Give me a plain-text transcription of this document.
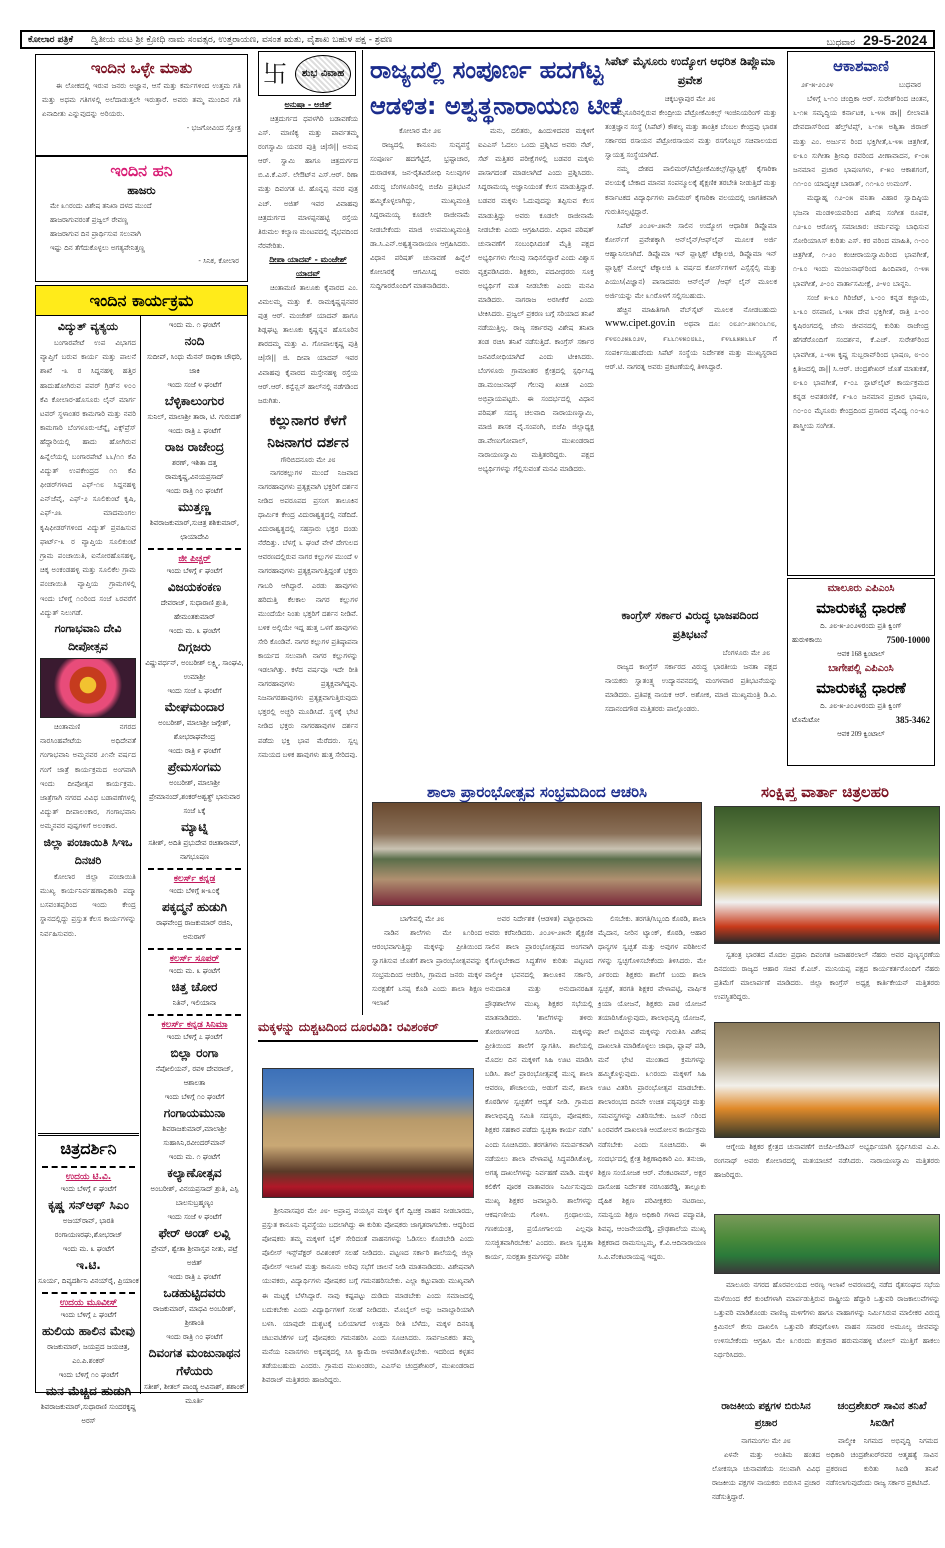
ಕೋಲಾರ ಪತ್ರಿಕೆ ದ್ವಿತೀಯ ಮಟ ಶ್ರೀ ಕ್ರೋಧಿ ನಾಮ ಸಂವತ್ಸರ, ಉತ್ತರಾಯಣ, ವಸಂತ ಋತು, ವೈಶಾಖ ಬಹುಳ ಪಕ್ಷ - ಶ್ರವಣ	ಬುಧವಾರ 29-5-2024
ಇಂದಿನ ಒಳ್ಳೇ ಮಾತು

ಈ ಲೋಕದಲ್ಲಿ ಇರುವ ಜನರು ಅಜ್ಞಾನ, ಆಸೆ ಮತ್ತು ಕರ್ಮಗಳಿಂದ ಉತ್ತಮ ಗತಿ ಮತ್ತು ಅಧಮ ಗತಿಗಳಲ್ಲಿ ಅಲೆದಾಡುತ್ತಲೇ ಇರುತ್ತಾರೆ. ಅವರು ತಮ್ಮ ಮುಂದಿನ ಗತಿ ಏನಾದೀತು ಎನ್ನುವುದನ್ನು ಅರಿಯರು.

- ಭಜಗೋವಿಂದ ಸ್ತೋತ್ರ
ಇಂದಿನ ಹನಿ
ಹಾಜರು
ಮೇ ೩೧ರಂದು ವಿಶೇಷ ತನಿಖಾ ದಳದ ಮುಂದೆ
ಹಾಜರಾಗುವರಂತೆ ಪ್ರಜ್ವಲ್ ರೇವಣ್ಣ
ಹಾಜರಾಗುವ ದಿನ ಪ್ರಾರ್ಥಿಸುವ ಸಲುವಾಗಿ
ಇಷ್ಟು ದಿನ ತೆಗೆದುಕೊಳ್ಳಲು ಅಗತ್ಯವೇನಿತ್ತಣ್ಣ
- ಸಿನಿಕ, ಕೋಲಾರ
ಇಂದಿನ ಕಾರ್ಯಕ್ರಮ
ವಿದ್ಯುತ್ ವ್ಯತ್ಯಯ

ಬಂಗಾರಪೇಟೆ ಉಪ ವಿಭಾಗದ ವ್ಯಾಪ್ತಿಗೆ ಬರುವ ಕಾರ್ಯ ಮತ್ತು ಪಾಲನೆ ಶಾಖೆ -೩ ರ ಸಿದ್ದನಹಳ್ಳಿ ಹತ್ತಿರ ಹಾದುಹೋಗಿರುವ ಪವರ್ ಗ್ರಿಡ್‌ನ ೪೦೦ ಕೆವಿ ಕೋಲಾರ-ಹೊಸೂರು ಲೈನ್ ಮಾರ್ಗ ಟವರ್ ಸ್ಥಳಾಂತರ ಕಾಮಗಾರಿ ಮತ್ತು ನವರಿ ಕಾಮಗಾರಿ ಬೆಂಗಳೂರು-ಚೆನ್ನೈ ಎಕ್ಸ್‌ಪ್ರೆಸ್ ಹೆದ್ದಾರಿಯಲ್ಲಿ ಹಾದು ಹೋಗಿರುವ ಹಿನ್ನೆಲೆಯಲ್ಲಿ ಬಂಗಾರಪೇಟೆ ೬೬/೧೧ ಕೆವಿ ವಿದ್ಯುತ್ ಉಪಕೇಂದ್ರದ ೧೧ ಕೆವಿ ಫೀಡರ್‌ಗಳಾದ ಎಫ್-೧೮ ಸಿದ್ದನಹಳ್ಳಿ ಎನ್‌ಜೆವೈ, ಎಫ್-೨ ಸೂಲಿಕುಂಟೆ ಕೃಷಿ, ಎಫ್-೨೩ ಮಾದಮಂಗಲ ಕೃಷಿಫೀಡರ್‌ಗಳಿಂದ ವಿದ್ಯುತ್ ಪ್ರವಹಿಸುವ ಫಾರ್ಟ್-೩ ರ ವ್ಯಾಪ್ತಿಯ ಸೂಲಿಕುಂಟೆ ಗ್ರಾಮ ಪಂಚಾಯಿತಿ, ಐನೋರಹೊಸಹಳ್ಳಿ, ಚಿಕ್ಕ ಅಂಕಂಡಹಳ್ಳಿ ಮತ್ತು ಸೂಲಿಕೆಲ ಗ್ರಾಮ ಪಂಚಾಯಿತಿ ವ್ಯಾಪ್ತಿಯ ಗ್ರಾಮಗಳಲ್ಲಿ ಇಂದು ಬೆಳಿಗ್ಗೆ ೧೦ರಿಂದ ಸಂಜೆ ೬ರವರೆಗೆ ವಿದ್ಯುತ್ ನಿಲುಗಡೆ.

ಗಂಗಾಭವಾನಿ ದೇವಿ ದೀಪೋತ್ಸವ

ಚಿಂತಾಮಣಿ ನಗರದ ನಾರಸಿಂಹಪೇಟೆಯ ಅಧಿದೇವತೆ ಗಂಗಾಭವಾನಿ ಅಮ್ಮನವರ ೨೧ನೇ ವರ್ಷದ ಗಂಗೆ ಜಾತ್ರೆ ಕಾರ್ಯಕ್ರಮದ ಅಂಗವಾಗಿ ಇಂದು ದೀಪೋತ್ಸವ ಕಾರ್ಯಕ್ರಮ. ಜಾತ್ರೆಗಾಗಿ ನಗರದ ವಿವಿಧ ಬಡಾವಣೆಗಳಲ್ಲಿ ವಿದ್ಯುತ್ ದೀಪಾಲಂಕಾರ, ಗಂಗಾಭವಾನಿ ಅಮ್ಮನವರ ಪುಷ್ಪಗಳಿಗೆ ಅಲಂಕಾರ.

ಜಿಲ್ಲಾ ಪಂಚಾಯಿತಿ ಸಿಇಒ ದಿನಚರಿ

ಕೋಲಾರ ಜಿಲ್ಲಾ ಪಂಚಾಯಿತಿ ಮುಖ್ಯ ಕಾರ್ಯನಿರ್ವಹಣಾಧಿಕಾರಿ ಪದ್ಮಾ ಬಸವಂತಪ್ಪರಿಂದ ಇಂದು ಕೇಂದ್ರ ಸ್ಥಾನದಲ್ಲಿದ್ದು ಪ್ರಸ್ತುತ ಕೆಲಸ ಕಾರ್ಯಗಳನ್ನು ನಿರ್ವಹಿಸುವರು.

ಇಂದು ಮ. ೧ ಘಂಟೆಗೆ
ನಂದಿ
ಸುದೀಪ್, ಸಿಂಧು ಮೆನನ್ ರಾಧಿಕಾ ಚೌಧರಿ, ಜಾಕಿ
ಇಂದು ಸಂಜೆ ೪ ಘಂಟೆಗೆ
ಬೆಳ್ಳಿಕಾಲುಂಗುರ
ಸುನಿಲ್, ಮಾಲಾಶ್ರೀ ತಾರಾ, ಟಿ. ಗುರುದತ್
ಇಂದು ರಾತ್ರಿ ೭ ಘಂಟೆಗೆ
ರಾಜ ರಾಜೇಂದ್ರ
ಶರಣ್, ಇಶಿತಾ ದತ್ತ ರಾಮಕೃಷ್ಣ,ವಿನಯಪ್ರಸಾದ್
ಇಂದು ರಾತ್ರಿ ೧೦ ಘಂಟೆಗೆ
ಮುತ್ತಣ್ಣ
ಶಿವರಾಜಕುಮಾರ್,ಸುಚಿತ್ರ ಶಶಿಕುಮಾರ್, ಛಾಯಾದೇವಿ
ಜೀ ಪಿಚ್ಚರ್
ಇಂದು ಬೆಳಿಗ್ಗೆ ೯ ಘಂಟೆಗೆ
ವಿಜಯಕಂಕಣ
ದೇವರಾಜ್, ಸುಧಾರಾಣಿ ಶ್ರುತಿ, ಹೇಮಂತಕುಮಾರ್
ಇಂದು ಮ. ೩ ಘಂಟೆಗೆ
ದಿಗ್ಗಜರು
ವಿಷ್ಣುವರ್ಧನ್, ಅಂಬರೀಶ್ ಲಕ್ಷ್ಮಿ, ಸಾಂಘವಿ, ಉಮಾಶ್ರೀ
ಇಂದು ಸಂಜೆ ೬ ಘಂಟೆಗೆ
ಮೇಘಮಂದಾರ
ಅಂಬರೀಶ್, ಮಾಲಾಶ್ರೀ ಜಗ್ಗೇಶ್, ಶೋಭರಾಘವೇಂದ್ರ
ಇಂದು ರಾತ್ರಿ ೯ ಘಂಟೆಗೆ
ಪ್ರೇಮಸಂಗಮ
ಅಂಬರೀಶ್, ಮಾಲಾಶ್ರೀ ಪ್ರೇಮಾನಂದ್,ಶಂಕರ್‌ಅಶ್ವತ್ಥ್ ಭಾನುವಾರ ಸಂಜೆ ೬ಕ್ಕೆ
ಮ್ಯಾಟ್ನಿ
ಸತೀಶ್, ಅದಿತಿ ಪ್ರಭುದೇವ ರಚಿತಾರಾಮ್, ನಾಗಭೂಷಣ
ಕಲರ್ಸ್ ಕನ್ನಡ
ಇಂದು ಬೆಳಿಗ್ಗೆ ೫-೩೦ಕ್ಕೆ
ಪಕ್ಕದ್ಮನೆ ಹುಡುಗಿ
ರಾಘವೇಂದ್ರ ರಾಜಕುಮಾರ್ ರಜಿನಿ, ಅನುರಾಗ್
ಕಲರ್ಸ್ ಸೂಪರ್
ಇಂದು ಮ. ೩ ಘಂಟೆಗೆ
ಚಿತ್ತ ಚೋರ
ನಿತಿನ್, ಇಲಿಯಾನಾ
ಕಲರ್ಸ್ ಕನ್ನಡ ಸಿನಿಮಾ
ಇಂದು ಬೆಳಿಗ್ಗೆ ೭ ಘಂಟೆಗೆ
ಬಿಲ್ಲಾ ರಂಗಾ
ನೆಪೋಲಿಯನ್, ರವಳಿ ದೇವರಾಜ್, ಆಶಾಲತಾ
ಇಂದು ಬೆಳಿಗ್ಗೆ ೧೦ ಘಂಟೆಗೆ
ಗಂಗಾಯಮುನಾ
ಶಿವರಾಜಕುಮಾರ್,ಮಾಲಾಶ್ರೀ ಸುಹಾಸಿನಿ,ರವೀಂದರ್‌ಮಾನ್
ಇಂದು ಮ. ೧ ಘಂಟೆಗೆ
ಕಲ್ಯಾಣೋತ್ಸವ
ಅಂಬರೀಶ್, ವಿನಯಪ್ರಸಾದ್ ಶ್ರುತಿ, ಎಸ್ಪಿ ಬಾಲಸುಬ್ರಹ್ಮಣ್ಯಂ
ಇಂದು ಸಂಜೆ ೪ ಘಂಟೆಗೆ
ಫೇರ್ ಅಂಡ್ ಲವ್ಲಿ
ಪ್ರೇಮ್, ಶ್ವೇತಾ ಶ್ರೀವಾಸ್ತವ ನೀತು, ಪಟ್ರೆ ಅಜಿತ್
ಇಂದು ರಾತ್ರಿ ೭ ಘಂಟೆಗೆ
ಒಡಹುಟ್ಟಿದವರು
ರಾಜಕುಮಾರ್, ಮಾಧವಿ ಅಂಬರೀಶ್, ಶ್ರೀಶಾಂತಿ
ಇಂದು ರಾತ್ರಿ ೧೦ ಘಂಟೆಗೆ
ದಿವಂಗತ ಮಂಜುನಾಥನ ಗೆಳೆಯರು
ಸತೀಶ್, ಶೀತಲ್ ಪಾಂಡ್ಯ ಅವಿನಾಶ್, ಶಶಾಂಕ್ ಮೂರ್ತಿ
ಚಿತ್ರದರ್ಶಿನಿ
ಉದಯ ಟಿ.ವಿ.
ಇಂದು ಬೆಳಿಗ್ಗೆ ೯ ಘಂಟೆಗೆ
ಕೃಷ್ಣ ಸನ್‌ಆಫ್ ಸಿಎಂ
ಅಜಯ್‌ರಾವ್, ಭಾರತಿ ರಂಗಾಯಣರಘು,ಶೋಭರಾಜ್
ಇಂದು ಮ. ೩ ಘಂಟೆಗೆ
ಇ.ಟಿ.
ಸೂರ್ಯ, ದಿವ್ಯದರ್ಶಿನಿ ವಿನಯ್‌ರೈ, ಪ್ರಿಯಾಂಕ
ಉದಯ ಮೂವೀಸ್
ಇಂದು ಬೆಳಿಗ್ಗೆ ೭ ಘಂಟೆಗೆ
ಹುಲಿಯ ಹಾಲಿನ ಮೇವು
ರಾಜಕುಮಾರ್, ಜಯಪ್ರದ ಜಯಚಿತ್ರ, ಎಂ.ಪಿ.ಶಂಕರ್
ಇಂದು ಬೆಳಿಗ್ಗೆ ೧೦ ಘಂಟೆಗೆ
ಮನ ಮೆಚ್ಚಿದ ಹುಡುಗಿ
ಶಿವರಾಜಕುಮಾರ್,ಸುಧಾರಾಣಿ ಸುಂದರಕೃಷ್ಣ ಅರಸ್
卐	ಶುಭ ವಿವಾಹ
ಅನುಷಾ - ಅಜಿತ್

ಚಿತ್ರದುರ್ಗದ ಧವಳಗಿರಿ ಬಡಾವಣೆಯ ಎಸ್. ಮಾಣಿಕ್ಯ ಮತ್ತು ಪಾರ್ವತಮ್ಮ ರಂಗಸ್ವಾಮಿ ಯವರ ಪುತ್ರಿ ಚಿ|ಸೌ|| ಅನುಷ ಆರ್. ಸ್ವಾಮಿ ಹಾಗೂ ಚಿತ್ರದುರ್ಗದ ಬಿ.ವಿ.ಕೆ.ಎಸ್. ಲೇಔಟ್‌ನ ಎಸ್.ಆರ್. ರಿಣಾ ಮತ್ತು ದಿವಂಗತ ಟಿ. ಹೊನ್ನಪ್ಪ ನವರ ಪುತ್ರ ಎಚ್. ಅಜಿತ್ ಇವರ ವಿವಾಹವು ಚಿತ್ರದುರ್ಗದ ಮಾಳಪ್ಪನಹಟ್ಟಿ ರಸ್ತೆಯ ತಿರುಮಲ ಕಲ್ಯಾಣ ಮಂಟಪದಲ್ಲಿ ವೈಭವದಿಂದ ನೆರವೇರಿತು.

ದೀಪಾ ಯಾದವ್ - ಮಂಜೇಶ್ ಯಾದವ್

ಚಿಂತಾಮಣಿ ತಾಲೂಕು ಕೈವಾರದ ಎಂ. ವಿಮಲಮ್ಮ ಮತ್ತು ಕೆ. ರಾಮಕೃಷ್ಣಪ್ಪನವರ ಪುತ್ರ ಆರ್. ಮಂಜೇಶ್ ಯಾದವ್ ಹಾಗೂ ಶಿಡ್ಲಘಟ್ಟ ತಾಲೂಕು ಕೃಷ್ಣನ್ನನ ಹೊಸೂರಿನ ಶಾರದಮ್ಮ ಮತ್ತು ವಿ. ಗೋಪಾಲಕೃಷ್ಣ ಪುತ್ರಿ ಚಿ|ಸೌ|| ಜಿ. ದೀಪಾ ಯಾದವ್ ಇವರ ವಿವಾಹವು ಕೈವಾರದ ಮಸ್ತೇನಹಳ್ಳಿ ರಸ್ತೆಯ ಆರ್.ಆರ್. ಕನ್ವೆನ್ಷನ್ ಹಾಲ್‌ನಲ್ಲಿ ನಡೆಗಡಿಂದ ಜರುಗಿತು.

ಕಲ್ಲುನಾಗರ ಕೆಳಗೆ ನಿಜನಾಗರ ದರ್ಶನ
ಗೌರಿಬಿದನೂರು ಮೇ ೨೮

ನಾಗರಕಲ್ಲುಗಳ ಮುಂದೆ ನಿಜವಾದ ನಾಗರಹಾವುಗಳು ಪ್ರತ್ಯಕ್ಷವಾಗಿ ಭಕ್ತರಿಗೆ ದರ್ಶನ ನೀಡಿದ ಅಪರೂಪದ ಪ್ರಸಂಗ ತಾಲೂಕಿನ ಧಾರ್ಮಿಕ ಕೇಂದ್ರ ವಿದುರಾಶ್ವತ್ಥದಲ್ಲಿ ನಡೆದಿದೆ. ವಿದುರಾಶ್ವತ್ಥದಲ್ಲಿ ಸಹಸ್ರಾರು ಭಕ್ತರ ದಂಡು ನೆರೆದಿತ್ತು. ಬೆಳಗ್ಗೆ ೬ ಘಂಟೆ ವೇಳೆ ದೇಗುಲದ ಆವರಣದಲ್ಲಿರುವ ನಾಗರ ಕಲ್ಲುಗಳ ಮುಂದೆ ೪ ನಾಗರಹಾವುಗಳು ಪ್ರತ್ಯಕ್ಷವಾಗುತ್ತಿದ್ದಂತೆ ಭಕ್ತರು ಗಾಬರಿ ಆಗಿದ್ದಾರೆ. ಎರಡು ಹಾವುಗಳು ಹರಿದುತ್ತಿ ಕೆಲಕಾಲ ನಾಗರ ಕಲ್ಲುಗಳ ಮುಂದೆಯೇ ನಿಂತು ಭಕ್ತರಿಗೆ ದರ್ಶನ ನೀಡಿವೆ. ಬಳಿಕ ಅಲ್ಲಿಯೇ ಇದ್ದ ಹುತ್ತ ಒಳಗೆ ಹಾವುಗಳು ಸೇರಿ ಕೊಂಡಿವೆ. ನಾಗರ ಕಲ್ಲುಗಳ ಪ್ರತಿಷ್ಠಾಪನಾ ಕಾರ್ಯದ ಸಲುವಾಗಿ ನಾಗರ ಕಲ್ಲುಗಳನ್ನು ಇಡಲಾಗಿತ್ತು. ಕಳೆದ ವರ್ಷವೂ ಇದೇ ರೀತಿ ನಾಗರಹಾವುಗಳು ಪ್ರತ್ಯಕ್ಷವಾಗಿದ್ದವು. ನಿಜನಾಗರಹಾವುಗಳು ಪ್ರತ್ಯಕ್ಷವಾಗುತ್ತಿರುವುದು ಭಕ್ತರಲ್ಲಿ ಅಚ್ಚರಿ ಮೂಡಿಸಿದೆ. ಸ್ಥಳಕ್ಕೆ ಭೇಟಿ ನೀಡಿದ ಭಕ್ತರು ನಾಗರಹಾವುಗಳ ದರ್ಶನ ಪಡೆದು ಭಕ್ತಿ ಭಾವ ಮೆರೆದರು. ಸ್ವಲ್ಪ ಸಮಯದ ಬಳಿಕ ಹಾವುಗಳು ಹುತ್ತ ಸೇರಿದವು.

ರಾಜ್ಯದಲ್ಲಿ ಸಂಪೂರ್ಣ ಹದಗೆಟ್ಟ
ಆಡಳಿತ: ಅಶ್ವತ್ಥನಾರಾಯಣ ಟೀಕೆ
ಕೋಲಾರ ಮೇ ೨೮

ರಾಜ್ಯದಲ್ಲಿ ಕಾನೂನು ಸುವ್ಯವಸ್ಥೆ ಸಂಪೂರ್ಣ ಹದಗೆಟ್ಟಿದೆ, ಭ್ರಷ್ಟಾಚಾರ, ದುರಾಡಳಿತ, ಜನ-ರೈತವಿರೋಧಿ ನಿಲುವುಗಳ ವಿರುದ್ಧ ಬೆಂಗಳೂರಿನಲ್ಲಿ ಬಿಜೆಪಿ ಪ್ರತಿಭಟನೆ ಹಮ್ಮಿಕೊಳ್ಳಲಾಗಿದ್ದು, ಮುಖ್ಯಮಂತ್ರಿ ಸಿದ್ದರಾಮಯ್ಯ ಕೂಡಲೇ ರಾಜೀನಾಮೆ ನೀಡಬೇಕೆಂದು ಮಾಜಿ ಉಪಮುಖ್ಯಮಂತ್ರಿ ಡಾ.ಸಿ.ಎನ್.ಅಶ್ವತ್ಥನಾರಾಯಣ ಆಗ್ರಹಿಸಿದರು. ವಿಧಾನ ಪರಿಷತ್ ಚುನಾವಣೆ ಹಿನ್ನೆಲೆ ಕೋಲಾರಕ್ಕೆ ಆಗಮಿಸಿದ್ದ ಅವರು ಸುದ್ದಿಗಾರರೊಂದಿಗೆ ಮಾತನಾಡಿದರು.

ಮನು, ದಲಿತರು, ಹಿಂದುಳಿದವರ ಮಕ್ಕಳಿಗೆ ಐಎಎಸ್ ಓದಲು ಒಂದು ಪ್ರಶ್ನಿಸಿದ ಅವರು ನೆಟ್, ಸೆಟ್ ಮತ್ತಿತರ ಪರೀಕ್ಷೆಗಳಲ್ಲಿ ಬಡವರ ಮಕ್ಕಳು ಪಾಸಾಗದಂತೆ ಮಾಡಲಾಗಿದೆ ಎಂದು ಪ್ರಶ್ನಿಸಿದರು. ಸಿದ್ದರಾಮಯ್ಯ ಅಜ್ಞಾನಿಯಂತೆ ಕೆಲಸ ಮಾಡುತ್ತಿದ್ದಾರೆ. ಬಡವರ ಮಕ್ಕಳು ಓದುವುದನ್ನು ತಪ್ಪಿಸುವ ಕೆಲಸ ಮಾಡುತ್ತಿದ್ದು ಅವರು ಕೂಡಲೇ ರಾಜೀನಾಮೆ ನೀಡಬೇಕು ಎಂದು ಆಗ್ರಹಿಸಿದರು. ವಿಧಾನ ಪರಿಷತ್ ಚುನಾವಣೆಗೆ ಸಂಬಂಧಿಸಿದಂತೆ ಮೈತ್ರಿ ಪಕ್ಷದ ಅಭ್ಯರ್ಥಿಗಳು ಗೆಲುವು ಸಾಧಿಸಲಿದ್ದಾರೆ ಎಂದು ವಿಶ್ವಾಸ ವ್ಯಕ್ತಪಡಿಸಿದರು. ಶಿಕ್ಷಕರು, ಪದವೀಧರರು ಸೂಕ್ತ ಅಭ್ಯರ್ಥಿಗೆ ಮತ ನೀಡಬೇಕು ಎಂದು ಮನವಿ ಮಾಡಿದರು. ನಾಗರಾಜ ಅರಸೀಕೆರೆ ಎಂದು ಟೀಕಿಸಿದರು. ಪ್ರಜ್ವಲ್ ಪ್ರಕರಣ ಬಗ್ಗೆ ಸರಿಯಾದ ತನಿಖೆ ನಡೆಯುತ್ತಿಲ್ಲ. ರಾಜ್ಯ ಸರ್ಕಾರವು ವಿಶೇಷ ತನಿಖಾ ತಂಡ ರಚಿಸಿ ತನಿಖೆ ನಡೆಸುತ್ತಿದೆ. ಕಾಂಗ್ರೆಸ್ ಸರ್ಕಾರ ಜನವಿರೋಧಿಯಾಗಿದೆ ಎಂದು ಟೀಕಿಸಿದರು. ಬೆಂಗಳೂರು ಗ್ರಾಮಾಂತರ ಕ್ಷೇತ್ರದಲ್ಲಿ ಸ್ಪರ್ಧಿಸಿದ್ದ ಡಾ.ಮಂಜುನಾಥ್ ಗೆಲುವು ಖಚಿತ ಎಂದು ಅಭಿಪ್ರಾಯಪಟ್ಟರು. ಈ ಸಂದರ್ಭದಲ್ಲಿ ವಿಧಾನ ಪರಿಷತ್ ಸದಸ್ಯ ಚಲವಾದಿ ನಾರಾಯಣಸ್ವಾಮಿ, ಮಾಜಿ ಶಾಸಕ ವೈ.ಸಂಪಂಗಿ, ಬಿಜೆಪಿ ಜಿಲ್ಲಾಧ್ಯಕ್ಷ ಡಾ.ವೇಣುಗೋಪಾಲ್, ಮುಖಂಡರಾದ ನಾರಾಯಣಸ್ವಾಮಿ ಮತ್ತಿತರರಿದ್ದರು. ಪಕ್ಷದ ಅಭ್ಯರ್ಥಿಗಳನ್ನು ಗೆಲ್ಲಿಸುವಂತೆ ಮನವಿ ಮಾಡಿದರು.

ಸಿಪೆಟ್ ಮೈಸೂರು ಉದ್ಯೋಗ ಆಧರಿತ ಡಿಪ್ಲೊಮಾ ಪ್ರವೇಶ
ಚಿಕ್ಕಬಳ್ಳಾಪುರ ಮೇ ೨೮

ಮೈಸೂರಿನಲ್ಲಿರುವ ಕೇಂದ್ರೀಯ ಪೆಟ್ರೋಕೆಮಿಕಲ್ಸ್ ಇಂಜಿನಿಯರಿಂಗ್ ಮತ್ತು ತಂತ್ರಜ್ಞಾನ ಸಂಸ್ಥೆ (ಸಿಪೆಟ್) ಕೌಶಲ್ಯ ಮತ್ತು ತಾಂತ್ರಿಕ ಬೆಂಬಲ ಕೇಂದ್ರವು ಭಾರತ ಸರ್ಕಾರದ ರಸಾಯನ ಪೆಟ್ರೋರಸಾಯನ ಮತ್ತು ರಸಗೊಬ್ಬರ ಸಚಿವಾಲಯದ ಸ್ವಾಯತ್ತ ಸಂಸ್ಥೆಯಾಗಿದೆ.

ನಮ್ಮ ದೇಶದ ಪಾಲಿಮರ್/ಪೆಟ್ರೋಕೆಮಿಕಲ್ಸ್/ಪ್ಲಾಸ್ಟಿಕ್ಸ್ ಕೈಗಾರಿಕಾ ವಲಯಕ್ಕೆ ಬೇಕಾದ ಮಾನವ ಸಂಪನ್ಮೂಲಕ್ಕೆ ಶೈಕ್ಷಣಿಕ ತರಬೇತಿ ನೀಡುತ್ತಿದೆ ಮತ್ತು ಕರ್ನಾಟಕದ ವಿದ್ಯಾರ್ಥಿಗಳು ಪಾಲಿಮರ್ ಕೈಗಾರಿಕಾ ವಲಯದಲ್ಲಿ ಜಾಗತಿಕವಾಗಿ ಗುರುತಿಸಲ್ಪಟ್ಟಿದ್ದಾರೆ.

ಸಿಪೆಟ್ ೨೦೨೪-೨೫ನೇ ಸಾಲಿನ ಉದ್ಯೋಗ ಆಧಾರಿತ ಡಿಪ್ಲೊಮಾ ಕೋರ್ಸ್‌ಗೆ ಪ್ರವೇಶಕ್ಕಾಗಿ ಆನ್‌ಲೈನ್/ಆಫ್‌ಲೈನ್ ಮೂಲಕ ಅರ್ಜಿ ಆಹ್ವಾನಿಸಲಾಗಿದೆ. ಡಿಪ್ಲೊಮಾ ಇನ್ ಪ್ಲಾಸ್ಟಿಕ್ಸ್ ಟೆಕ್ನಾಲಜಿ, ಡಿಪ್ಲೊಮಾ ಇನ್ ಪ್ಲಾಸ್ಟಿಕ್ಸ್ ಮೋಲ್ಡ್ ಟೆಕ್ನಾಲಜಿ ೩ ವರ್ಷದ ಕೋರ್ಸ್‌ಗಳಿಗೆ ಎಸ್ಸೆಸ್ಸೆಲ್ಸಿ ಮತ್ತು ಪಿಯುಸಿ(ವಿಜ್ಞಾನ) ಪಾಸಾದವರು ಆನ್‌ಲೈನ್ /ಆಫ್ ಲೈನ್ ಮೂಲಕ ಅರ್ಜಿಯನ್ನು ಮೇ ೩೧ರೊಳಗೆ ಸಲ್ಲಿಸಬಹುದು.

ಹೆಚ್ಚಿನ ಮಾಹಿತಿಗಾಗಿ ವೆಬ್‌ಸೈಟ್ ಮೂಲಕ ನೋಡಬಹುದು www.cipet.gov.in ಅಥವಾ ದೂ: ೦೮೨೧-೨೫೧೦೬೧೮, ೯೪೮೦೨೫೩೦೨೪, ೯೬೬೧೪೫೦೮೩೭, ೯೪೬೩೫೫೬೬೯ ಗೆ ಸಂಪರ್ಕಿಸಬಹುದೆಂದು ಸಿಪೆಟ್ ಸಂಸ್ಥೆಯ ನಿರ್ದೇಶಕ ಮತ್ತು ಮುಖ್ಯಸ್ಥರಾದ ಆರ್.ಟಿ. ನಾಗರತ್ನ ಅವರು ಪ್ರಕಟಣೆಯಲ್ಲಿ ತಿಳಿಸಿದ್ದಾರೆ.

ಕಾಂಗ್ರೆಸ್ ಸರ್ಕಾರ ವಿರುದ್ಧ ಭಾಜಪದಿಂದ ಪ್ರತಿಭಟನೆ
ಬೆಂಗಳೂರು ಮೇ ೨೮

ರಾಜ್ಯದ ಕಾಂಗ್ರೆಸ್ ಸರ್ಕಾರದ ವಿರುದ್ಧ ಭಾರತೀಯ ಜನತಾ ಪಕ್ಷದ ನಾಯಕರು ಸ್ವಾತಂತ್ರ್ಯ ಉದ್ಯಾನವನದಲ್ಲಿ ಮಂಗಳವಾರ ಪ್ರತಿಭಟನೆಯನ್ನು ಮಾಡಿದರು. ಪ್ರತಿಪಕ್ಷ ನಾಯಕ ಆರ್. ಅಶೋಕ, ಮಾಜಿ ಮುಖ್ಯಮಂತ್ರಿ ಡಿ.ವಿ. ಸದಾನಂದಗೌಡ ಮತ್ತಿತರರು ಪಾಲ್ಗೊಂಡರು.

ಆಕಾಶವಾಣಿ
೨೯-೫-೨೦೨೪	ಬುಧವಾರ

ಬೆಳಿಗ್ಗೆ ೬-೧೦ ಚಂದ್ರಿಕಾ ಆರ್. ಸುರೇಶ್‌ರಿಂದ ಚಿಂತನ, ೬-೧೫ ಸಮೃದ್ಧಿಯ ಕರ್ನಾಟಕ, ೬-೪೫ ಡಾ|| ಲೀಲಾವತಿ ದೇವದಾಸ್‌ರಿಂದ ಹೆಲ್ತ್‌ಟಿಪ್ಸ್, ೬-೧೫ ಅಶ್ವಿತಾ ಜಿರಾಜ್ ಮತ್ತು ಎಂ. ಅರ್ಜುನ ರಿಂದ ಭಕ್ತಿಗೀತೆ,೬-೪೫ ಚಿತ್ರಗೀತೆ, ೮-೩೦ ಸುಗೀತಾ ಶ್ರೀನಿಧಿ ರವರಿಂದ ವೀಣಾವಾದನ, ೯-೦೫ ಜನಮಾನ ಪ್ರಚಾರ ಭಾಷಣಗಳು, ೯-೫೦ ಆಕಾಶಗಂಗೆ, ೧೧-೦೦ ಯಾದೃಚ್ಛಿಕ ಬಾರಾತ್, ೧೧-೩೦ ಉಮಂಗ್.

ಮಧ್ಯಾಹ್ನ ೧೨-೦೫ ವನಿತಾ ವಿಹಾರ ಸ್ವಾದಿಷ್ಠಿಯ ಭಜನಾ ಮಂಡಳಿಯವರಿಂದ ವಿಶೇಷ ಸಂಗೀತ ರೂಪಕ, ೧೨-೩೦ ಆರೋಗ್ಯ ಸಮಾಚಾರ: ಚರ್ಮವನ್ನು ಬಾಧಿಸುವ ಸೋರಿಯಾಸಿಸ್ ಕುರಿತು ಎಸ್. ಕರ ವರಿಂದ ಮಾಹಿತಿ, ೧-೦೦ ಚಿತ್ರಗೀತೆ, ೧-೨೦ ಕಂಚೀರಾಯಸ್ವಾಮಿರಿಂದ ಭಾವಗೀತೆ, ೧-೩೦ ಇಂದು ಮಂಜುನಾಥ್‌ರಿಂದ ಹಿಂದಿಪಾಠ, ೧-೪೫ ಭಾವಗೀತೆ, ೨-೦೦ ವಾರ್ತಾಸಮೀಕ್ಷೆ, ೨-೪೦ ಬಾನ್ದನಿ.

ಸಂಜೆ ೫-೩೦ ಗಿರಿಜೆಟ್, ೬-೦೦ ಕನ್ನಡ ಕಜ್ಜಾಯ, ೬-೩೦ ರಸವಾಣಿ, ೬-೫೫ ದೇವ ಭಕ್ತಿಗೀತೆ, ರಾತ್ರಿ ೭-೦೦ ಕೃಷಿರಂಗದಲ್ಲಿ ಜೇನು ಜೀವನದಲ್ಲಿ ಕುರಿತು ರಾಜೇಂದ್ರ ಹೆಗಡೆರೊಂದಿಗೆ ಸಂದರ್ಶನ, ಕೆ.ಎಚ್. ಸುರೇಶ್‌ರಿಂದ ಭಾವಗೀತ, ೭-೪೫ ಕೃಷ್ಣ ಸುಬ್ಬರಾವ್‌ರಿಂದ ಭಾಷಣ, ೮-೦೦ ಕ್ಷಿತಿಜದಲ್ಲಿ ಡಾ|| ಸಿ.ಆರ್. ಚಂದ್ರಶೇಖರ್ ಜೊತೆ ಮಾತುಕತೆ, ೮-೩೦ ಭಾವಗೀತೆ, ೯-೦೭ ಸ್ಪಾಟ್‌ಲೈಟ್ ಕಾರ್ಯಕ್ರಮದ ಕನ್ನಡ ಅವತರಣಿಕೆ, ೯-೩೦ ಜನಮಾನ ಪ್ರಚಾರ ಭಾಷಣ, ೧೦-೦೦ ಮೈಸೂರು ಕೇಂದ್ರದಿಂದ ಪ್ರಸಾರದ ವೈವಿಧ್ಯ ೧೦-೩೦ ಶಾಸ್ತ್ರೀಯ ಸಂಗೀತ.

ಮಾಲೂರು ಎಪಿಎಂಸಿ
ಮಾರುಕಟ್ಟೆ ಧಾರಣೆ
ದಿ. ೨೮-೫-೨೦೨೪ರಂದು ಪ್ರತಿ ಕ್ವಿಂಗ್
ಹುರುಳಿಕಾಯಿ	7500-10000
ಆವಕ 168 ಕ್ವಿಂಟಾಲ್
ಬಾಗೇಪಲ್ಲಿ ಎಪಿಎಂಸಿ
ಮಾರುಕಟ್ಟೆ ಧಾರಣೆ
ದಿ. ೨೮-೫-೨೦೨೪ರಂದು ಪ್ರತಿ ಕ್ವಿಂಗ್
ಟೊಮೆಟೋ	385-3462
ಆವಕ 209 ಕ್ವಿಂಟಾಲ್
ಶಾಲಾ ಪ್ರಾರಂಭೋತ್ಸವ ಸಂಭ್ರಮದಿಂದ ಆಚರಿಸಿ
ಬಾಗೇಪಲ್ಲಿ ಮೇ ೨೮

ನಾಡಿನ ಶಾಲೆಗಳು ಮೇ ೩೧ರಿಂದ ಆರಂಭವಾಗುತ್ತಿದ್ದು ಮಕ್ಕಳನ್ನು ಪ್ರೀತಿಯಿಂದ ಸ್ವಾಗತಿಸುವ ಜೊತೆಗೆ ಶಾಲಾ ಪ್ರಾರಂಭೋತ್ಸವವನ್ನು ಸಂಭ್ರಮದಿಂದ ಆಚರಿಸಿ, ಗ್ರಾಮದ ಜನರು ಮಕ್ಕಳ ಸುರಕ್ಷತೆಗೆ ೬ನಪ್ಪ ಕೊಡಿ ಎಂದು ಶಾಲಾ ಶಿಕ್ಷಣ ಇಲಾಖೆ

ಅವರ ನಿರ್ದೇಶಕ (ಆಡಳಿತ) ಪಟ್ಟಾಭಿರಾಮ ಅವರು ಕರೆನೀಡಿದರು. ೨೦೨೪-೨೫ನೇ ಶೈಕ್ಷಣಿಕ ಸಾಲಿನ ಶಾಲಾ ಪ್ರಾರಂಭೋತ್ಸವದ ಅಂಗವಾಗಿ ಕೈಗೊಳ್ಳಬೇಕಾದ ಸಿದ್ಧತೆಗಳ ಕುರಿತು ಪಟ್ಟಣದ ವಾಲ್ಮೀಕಿ ಭವನದಲ್ಲಿ ತಾಲೂಕಿನ ಸರ್ಕಾರಿ, ಅನುದಾನಿತ ಮತ್ತು ಅನುದಾನರಹಿತ ಪ್ರೌಢಶಾಲೆಗಳ ಮುಖ್ಯ ಶಿಕ್ಷಕರ ಸಭೆಯಲ್ಲಿ ಮಾತನಾಡಿದರು. 'ಶಾಲೆಗಳನ್ನು ತಳಿರು ತೋರಣಗಳಿಂದ ಸಿಂಗರಿಸಿ. ಮಕ್ಕಳನ್ನು ಪ್ರೀತಿಯಿಂದ ಶಾಲೆಗೆ ಸ್ವಾಗತಿಸಿ. ಶಾಲೆಯಲ್ಲಿ ಮೊದಲ ದಿನ ಮಕ್ಕಳಿಗೆ ಸಿಹಿ ಊಟ ಮಾಡಿಸಿ ಬಡಿಸಿ. ಶಾಲೆ ಪ್ರಾರಂಭೋತ್ಸವಕ್ಕೆ ಮುನ್ನ ಶಾಲಾ ಆವರಣ, ಶೌಚಾಲಯ, ಅಡುಗೆ ಮನೆ, ಶಾಲಾ ಕೊಠಡಿಗಳ ಸ್ವಚ್ಛತೆಗೆ ಆದ್ಯತೆ ನೀಡಿ. ಗ್ರಾಮದ ಶಾಲಾಭಿವೃದ್ಧಿ ಸಮಿತಿ ಸದಸ್ಯರು, ಪೋಷಕರು, ಶಿಕ್ಷಕರ ಸಹಕಾರ ಪಡೆದು ಸ್ವಚ್ಛತಾ ಕಾರ್ಯ ನಡೆಸಿ' ಎಂದು ಸೂಚಿಸಿದರು. ತರಗತಿಗಳು ಸಮರ್ಪಕವಾಗಿ ನಡೆಯಲು ಶಾಲಾ ವೇಳಾಪಟ್ಟಿ ಸಿದ್ಧಪಡಿಸಿಕೊಳ್ಳಿ, ಅಗತ್ಯ ದಾಖಲೆಗಳನ್ನು ನಿರ್ವಹಣೆ ಮಾಡಿ. ಮಕ್ಕಳ ಕಲಿಕೆಗೆ ಪೂರಕ ವಾತಾವರಣ ನಿರ್ಮಿಸುವುದು ಮುಖ್ಯ ಶಿಕ್ಷಕರ ಜವಾಬ್ದಾರಿ. ಶಾಲೆಗಳನ್ನು ಆಕರ್ಷಣೀಯ ಗೊಳಿಸಿ. ಗ್ರಂಥಾಲಯ, ಗಣಕಯಂತ್ರ, ಪ್ರಯೋಗಾಲಯ ಎಲ್ಲವೂ ಸುಸಜ್ಜಿತವಾಗಿರಬೇಕು' ಎಂದರು. ಶಾಲಾ ಸ್ವಚ್ಛತಾ ಕಾರ್ಯ, ಸುರಕ್ಷತಾ ಕ್ರಮಗಳನ್ನು ಪರಿಶೀ

ಲಿಸಬೇಕು. ತರಗತಿ/ಸಿಬ್ಬಂದಿ ಕೊಠಡಿ, ಶಾಲಾ ಮೈದಾನ, ನೀರಿನ ಟ್ಯಾಂಕ್, ಕೊಠಡಿ, ಆಹಾರ ಧಾನ್ಯಗಳ ಸ್ವಚ್ಛತೆ ಮತ್ತು ಅವುಗಳ ಪರಿಶೀಲನೆ ಗಳನ್ನು ಸ್ವಚ್ಛಗೊಳಿಸಬೇಕೆಂದು ತಿಳಿಸಿದರು. ಮೇ ೨೯ರಂದು ಶಿಕ್ಷಕರು ಶಾಲೆಗೆ ಬಂದು ಶಾಲಾ ಸ್ವಚ್ಛತೆ, ತರಗತಿ ಶಿಕ್ಷಕರ ವೇಳಾಪಟ್ಟಿ, ವಾರ್ಷಿಕ ಕ್ರಿಯಾ ಯೋಜನೆ, ಶಿಕ್ಷಕರು ಪಾಠ ಯೋಜನೆ ತಯಾರಿಸಿಕೊಳ್ಳುವುದು, ಶಾಲಾಭಿವೃದ್ಧಿ ಯೋಜನೆ, ಶಾಲೆ ಬಿಟ್ಟಿರುವ ಮಕ್ಕಳನ್ನು ಗುರುತಿಸಿ ವಿಶೇಷ ದಾಖಲಾತಿ ಮಾಡಿಕೊಳ್ಳಲು ಜಾಥಾ, ಫ್ಲಾಷ್ ಪಡಿ, ಮನೆ ಭೇಟಿ ಮುಂತಾದ ಕ್ರಮಗಳನ್ನು ಹಮ್ಮಿಕೊಳ್ಳುವುದು. ೩೧ರಂದು ಮಕ್ಕಳಿಗೆ ಸಿಹಿ ಊಟ ವಿತರಿಸಿ ಪ್ರಾರಂಭೋತ್ಸವ ಮಾಡಬೇಕು. ಶಾಲಾರಂಭದ ದಿನವೇ ಉಚಿತ ಪಠ್ಯಪುಸ್ತಕ ಮತ್ತು ಸಮವಸ್ತ್ರಗಳನ್ನು ವಿತರಿಸಬೇಕು. ಜೂನ್ ೧ರಿಂದ ೩೦ರವರೆಗೆ ದಾಖಲಾತಿ ಆಂದೋಲನ ಕಾರ್ಯಕ್ರಮ ನಡೆಸಬೇಕು ಎಂದು ಸೂಚಿಸಿದರು. ಈ ಸಂದರ್ಭದಲ್ಲಿ ಕ್ಷೇತ್ರ ಶಿಕ್ಷಣಾಧಿಕಾರಿ ಎಂ. ತನುಜಾ, ಶಿಕ್ಷಣ ಸಂಯೋಜಕ ಆರ್. ವೆಂಕಟರಾಮ್, ಅಕ್ಷರ ದಾಸೋಹ ನಿರ್ದೇಶಕ ನರಸಿಂಹರೆಡ್ಡಿ, ತಾಲ್ಲೂಕು ದೈಹಿಕ ಶಿಕ್ಷಣ ಪರಿವೀಕ್ಷಕರು ನಟರಾಜು, ಸಮನ್ವಯ ಶಿಕ್ಷಣ ಅಧಿಕಾರಿ ಗಳಾದ ಪದ್ಮಾವತಿ, ಶಿವಪ್ಪ, ಆಂಜನೇಯರೆಡ್ಡಿ, ಪ್ರೌಢಶಾಲೆಯ ಮುಖ್ಯ ಶಿಕ್ಷಕರಾದ ರಾಮಸುಬ್ಬಮ್ಮ, ಕೆ.ವಿ.ಆದಿನಾರಾಯಣ ಸಿ.ವಿ.ವೆಂಕಟರಾಯಪ್ಪ ಇದ್ದರು.

ಮಕ್ಕಳನ್ನು ದುಶ್ಚಟದಿಂದ ದೂರವಿಡಿ: ರವಿಶಂಕರ್

ಶ್ರೀನಿವಾಸಪುರ ಮೇ ೨೮- ಅಪ್ರಾಪ್ತ ವಯಸ್ಸಿನ ಮಕ್ಕಳ ಕೈಗೆ ದ್ವಿಚಕ್ರ ವಾಹನ ನೀಡಬಾರದು, ಪ್ರಸ್ತುತ ಕಾನೂನು ವ್ಯವಸ್ಥೆಯು ಬದಲಾಗಿದ್ದು ಈ ಕುರಿತು ಪೋಷಕರು ಜಾಗೃತರಾಗಬೇಕು. ಆದ್ದರಿಂದ ಪೋಷಕರು ತಮ್ಮ ಮಕ್ಕಳಿಗೆ ಬೈಕ್ ಸೇರಿದಂತೆ ವಾಹನಗಳನ್ನು ಓಡಿಸಲು ಕೊಡಬೇಡಿ ಎಂದು ಪೊಲೀಸ್ ಇನ್ಸ್‌ಪೆಕ್ಟರ್ ರವಿಶಂಕರ್ ಸಲಹೆ ನೀಡಿದರು. ಪಟ್ಟಣದ ಸರ್ಕಾರಿ ಶಾಲೆಯಲ್ಲಿ ಜಿಲ್ಲಾ ಪೊಲೀಸ್ ಇಲಾಖೆ ಮತ್ತು ಕಾನೂನು ಅರಿವು ಸಭೆಗೆ ಚಾಲನೆ ನೀಡಿ ಮಾತನಾಡಿದರು. ವಿಶೇಷವಾಗಿ ಯುವಕರು, ವಿದ್ಯಾರ್ಥಿಗಳು ಪೋಷಕರ ಬಗ್ಗೆ ಗಮನಹರಿಸಬೇಕು. ಎಲ್ಲಾ ಕಟ್ಟುಪಾಡು ಮುಖ್ಯವಾಗಿ ಈ ಮಟ್ಟಕ್ಕೆ ಬೆಳೆಸಿದ್ದಾರೆ. ನಾವು ಕಷ್ಟಪಟ್ಟು ದುಡಿದು ಮಾಡಬೇಕು ಎಂದು ಸಮಾಜದಲ್ಲಿ ಬದುಕಬೇಕು ಎಂದು ವಿದ್ಯಾರ್ಥಿಗಳಿಗೆ ಸಲಹೆ ನೀಡಿದರು. ಮೊಬೈಲ್ ಅನ್ನು ಜವಾಬ್ದಾರಿಯಾಗಿ ಬಳಸಿ. ಯಾವುದೇ ದುಶ್ಚಟಕ್ಕೆ ಬಲಿಯಾಗದೆ ಉತ್ತಮ ರೀತಿ ಬೆಳೆದು, ಮಕ್ಕಳ ದಿನನಿತ್ಯ ಚಟುವಟಿಕೆಗಳ ಬಗ್ಗೆ ಪೋಷಕರು ಗಮನಹರಿಸಿ ಎಂದು ಸೂಚಿಸಿದರು. ಸಾರ್ವಜನಿಕರು ತಮ್ಮ ಮನೆಯ ನಿವಾಸಗಳು ಅಕ್ಕಪಕ್ಕದಲ್ಲಿ ಸಿಸಿ ಕ್ಯಾಮೆರಾ ಅಳವಡಿಸಿಕೊಳ್ಳಬೇಕು. ಇದರಿಂದ ಕಳ್ಳತನ ತಡೆಯಬಹುದು ಎಂದರು. ಗ್ರಾಮದ ಮುಖಂಡರು, ಎಎಸ್‌ಐ ಚಂದ್ರಶೇಖರ್, ಮುಖಂಡರಾದ ಶಿವರಾಜ್ ಮತ್ತಿತರರು ಹಾಜರಿದ್ದರು.

ಸಂಕ್ಷಿಪ್ತ ವಾರ್ತಾ ಚಿತ್ರಲಹರಿ

ಸ್ವತಂತ್ರ ಭಾರತದ ಮೊದಲ ಪ್ರಧಾನಿ ದಿವಂಗತ ಜವಾಹರಲಾಲ್ ನೆಹರು ಅವರ ಪುಣ್ಯಸ್ಮರಣೆಯ ದಿನದಂದು ರಾಜ್ಯದ ಆಹಾರ ಸಚಿವ ಕೆ.ಎಚ್. ಮುನಿಯಪ್ಪ ಪಕ್ಷದ ಕಾರ್ಯಕರ್ತರೊಂದಿಗೆ ನೆಹರು ಪ್ರತಿಮೆಗೆ ಮಾಲಾರ್ಪಣೆ ಮಾಡಿದರು. ಜಿಲ್ಲಾ ಕಾಂಗ್ರೆಸ್ ಅಧ್ಯಕ್ಷ ಕಾರ್ತಿಕೇಯನ್ ಮತ್ತಿತರರು ಉಪಸ್ಥಿತರಿದ್ದರು.

ಆಗ್ನೇಯ ಶಿಕ್ಷಕರ ಕ್ಷೇತ್ರದ ಚುನಾವಣೆಗೆ ಬಿಜೆಪಿ-ಜೆಡಿಎಸ್ ಅಭ್ಯರ್ಥಿಯಾಗಿ ಸ್ಪರ್ಧಿಸಿರುವ ಎ.ಪಿ. ರಂಗನಾಥ್ ಅವರು ಕೋಲಾರದಲ್ಲಿ ಮತಯಾಚನೆ ನಡೆಸಿದರು. ನಾರಾಯಣಸ್ವಾಮಿ ಮತ್ತಿತರರು ಹಾಜರಿದ್ದರು.

ಮಾಲೂರು ನಗರದ ಹೊರವಲಯದ ಅರಣ್ಯ ಇಲಾಖೆ ಅವರಣದಲ್ಲಿ ನಡೆದ ರೈತಸಂಘದ ಸಭೆಯ ಮಳೆಯಿಂದ ಕೆರೆ ಕುಂಟೆಗಳಾಗಿ ಮಾರ್ಪಡುತ್ತಿರುವ ರಾಷ್ಟ್ರೀಯ ಹೆದ್ದಾರಿ ಒತ್ತುವರಿ ರಾಜಕಾಲುವೆಗಳನ್ನು ಒತ್ತುವರಿ ಮಾಡಿಕೊಂಡು ವಾಣಿಜ್ಯ ಮಳಿಗೆಗಳು ಹಾಗೂ ವಾಹಾಗಳನ್ನು ನಿರ್ಮಿಸಿರುವ ಮಾಲೀಕರ ವಿರುದ್ಧ ಕ್ರಿಮಿನಲ್ ಕೇಸು ದಾಖಲಿಸಿ ಒತ್ತುವರಿ ತೆರವುಗೊಳಿಸಿ ವಾಹನ ಸವಾರರ ಅಮೂಲ್ಯ ಜೀವವನ್ನು ಉಳಿಸಬೇಕೆಂದು ಆಗ್ರಹಿಸಿ ಮೇ ೩೧ರಂದು ಶುಕ್ರವಾರ ಹರುಮನಹಳ್ಳಿ ಟೋಲ್ ಮುತ್ತಿಗೆ ಹಾಕಲು ನಿರ್ಧರಿಸಿದರು.

ರಾಜಕೀಯ ಪಕ್ಷಗಳ ಬಿರುಸಿನ ಪ್ರಚಾರ
ನಾಗಮಂಗಲ ಮೇ ೨೮

ಏಳನೇ ಮತ್ತು ಅಂತಿಮ ಹಂತದ ಲೋಕಸಭಾ ಚುನಾವಣೆಯ ಸಲುವಾಗಿ ವಿವಿಧ ರಾಜಕೀಯ ಪಕ್ಷಗಳ ನಾಯಕರು ಬಿರುಸಿನ ಪ್ರಚಾರ ನಡೆಸುತ್ತಿದ್ದಾರೆ.

ಚಂದ್ರಶೇಖರ್ ಸಾವಿನ ತನಿಖೆ ಸಿಐಡಿಗೆ

ವಾಲ್ಮೀಕಿ ನಿಗಮದ ಅಭಿವೃದ್ಧಿ ನಿಗಮದ ಅಧಿಕಾರಿ ಚಂದ್ರಶೇಖರ್‌ರವರ ಆತ್ಮಹತ್ಯೆ ಸಾವಿನ ಪ್ರಕರಣದ ಕುರಿತು ಸಿಐಡಿ ತನಿಖೆ ನಡೆಸಲಾಗುವುದೆಂದು ರಾಜ್ಯ ಸರ್ಕಾರ ಪ್ರಕಟಿಸಿದೆ.
